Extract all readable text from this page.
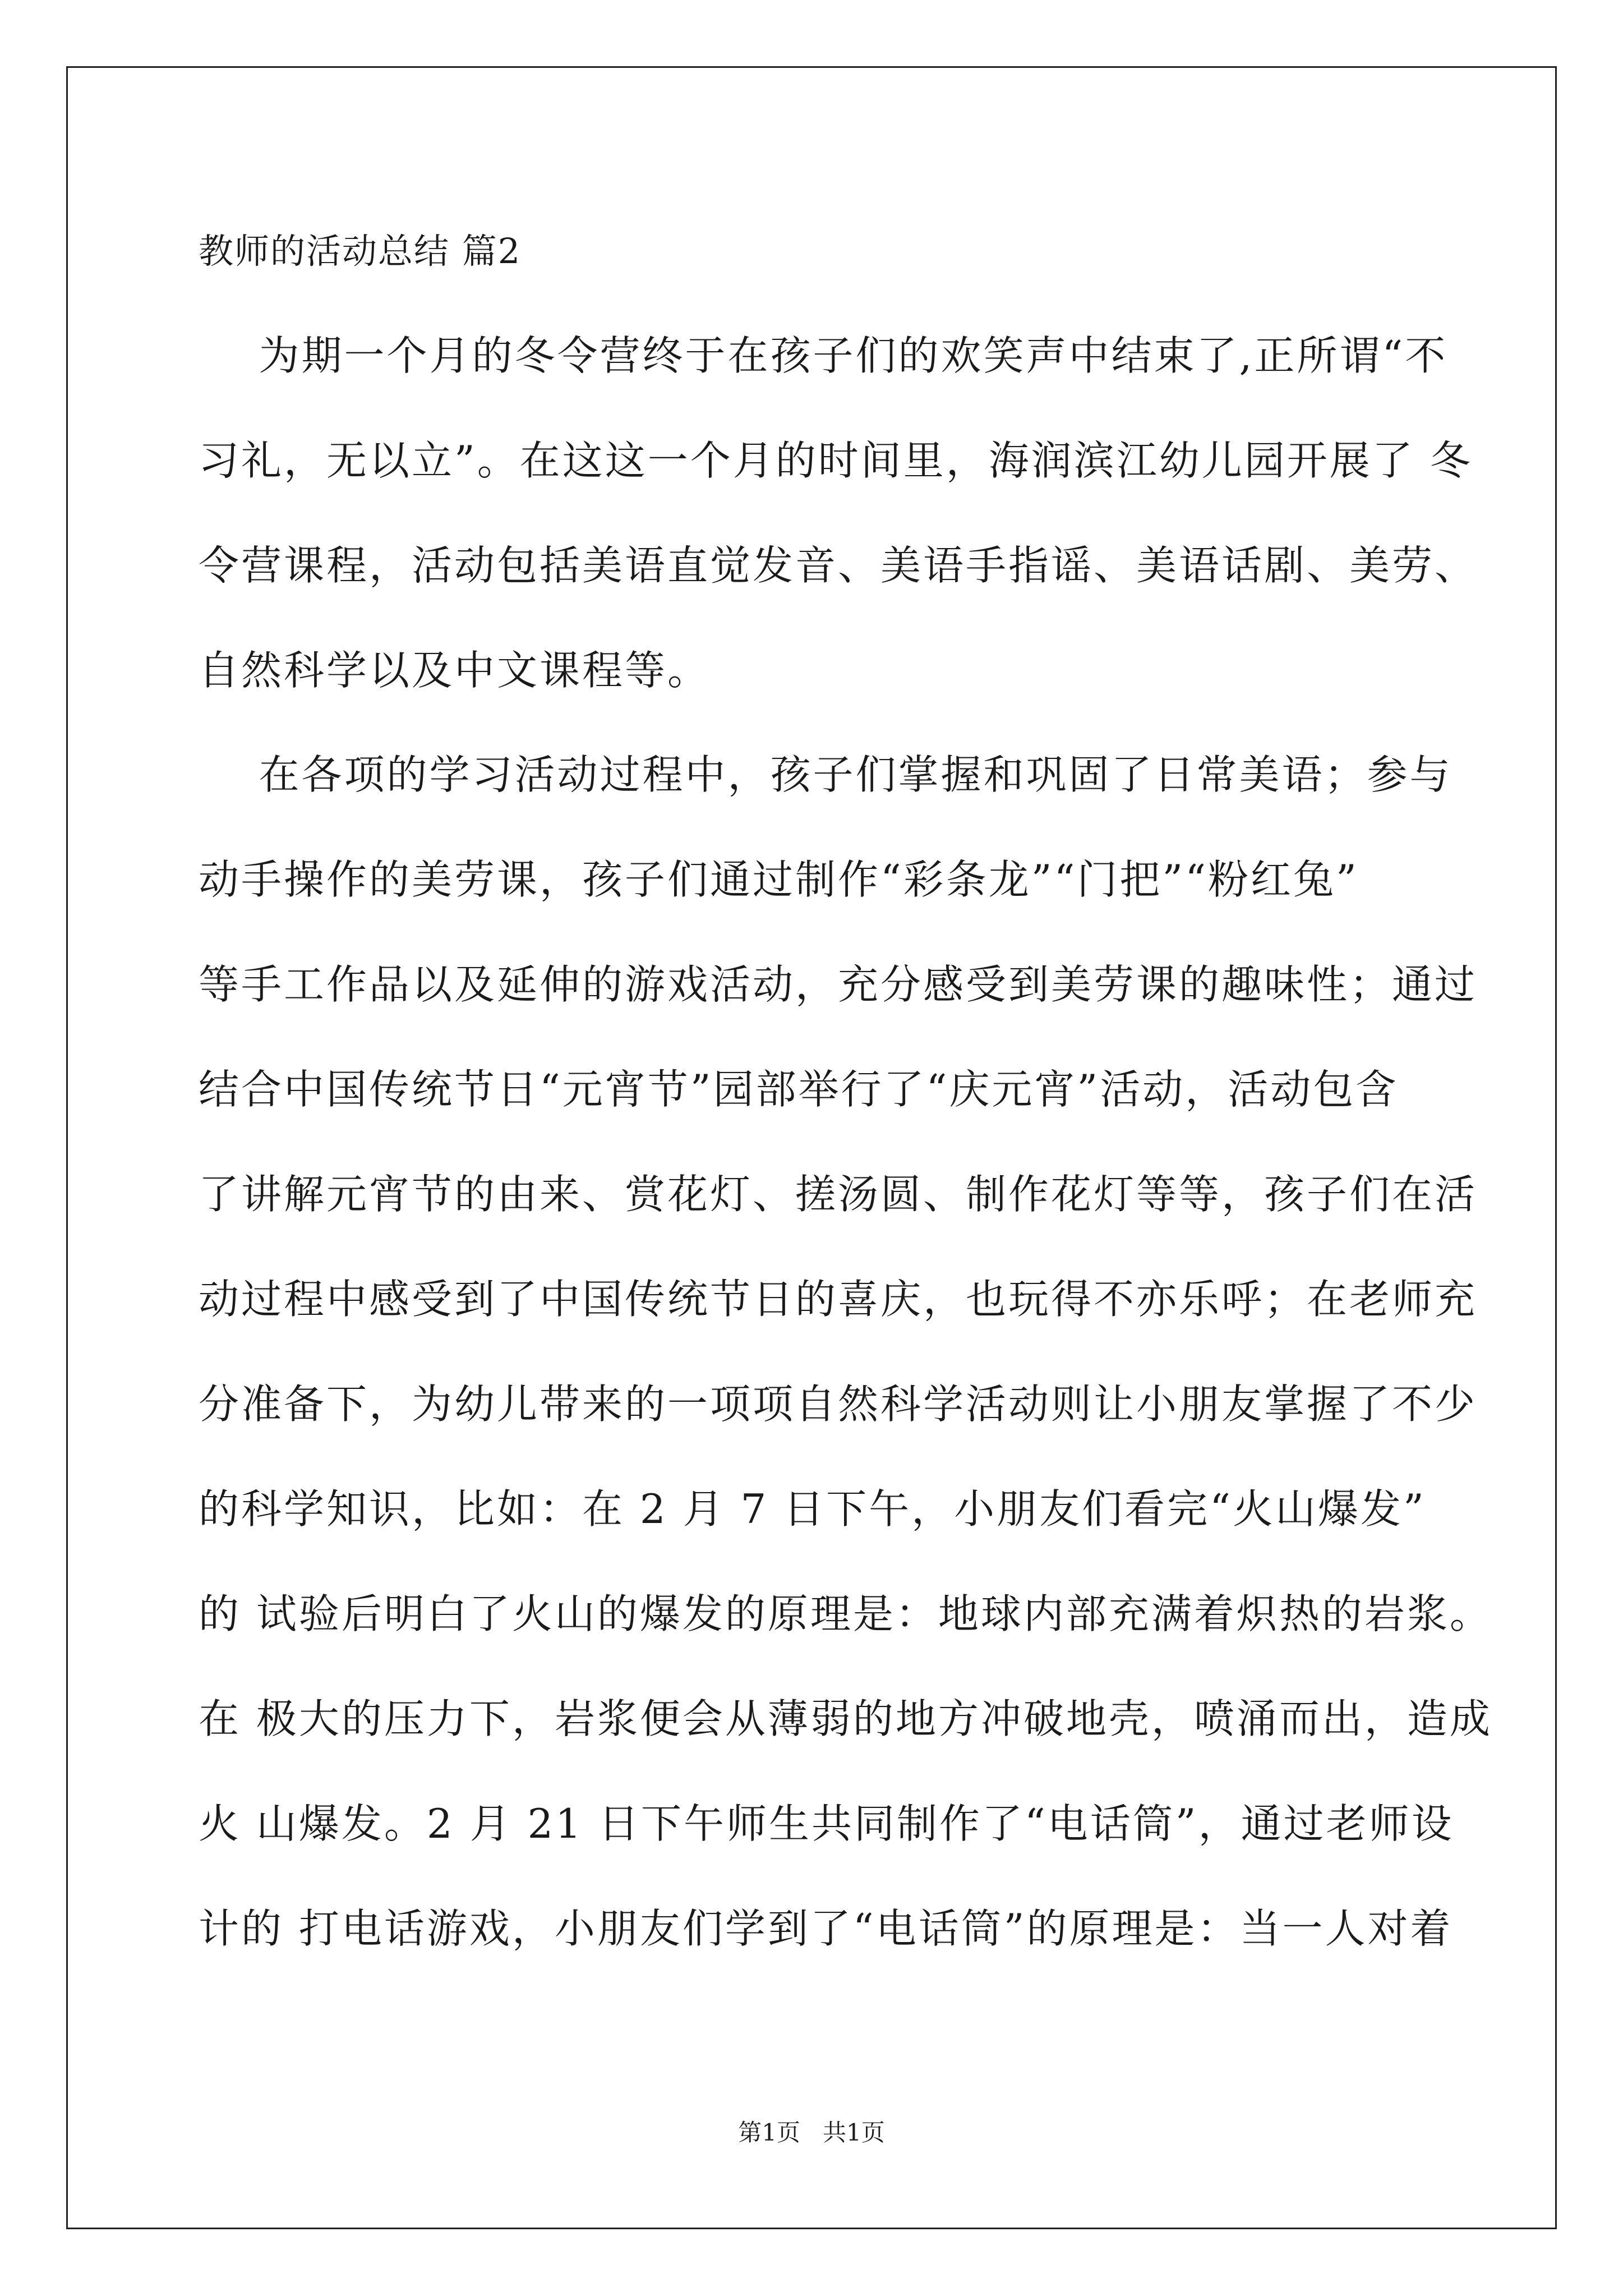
教师的活动总结 篇2
为期一个月的冬令营终于在孩子们的欢笑声中结束了,正所谓“不
习礼，无以立”。在这这一个月的时间里，海润滨江幼儿园开展了 冬
令营课程，活动包括美语直觉发音、美语手指谣、美语话剧、美劳、
自然科学以及中文课程等。
在各项的学习活动过程中，孩子们掌握和巩固了日常美语；参与
动手操作的美劳课，孩子们通过制作“彩条龙”“门把”“粉红兔”
等手工作品以及延伸的游戏活动，充分感受到美劳课的趣味性；通过
结合中国传统节日“元宵节”园部举行了“庆元宵”活动，活动包含
了讲解元宵节的由来、赏花灯、搓汤圆、制作花灯等等，孩子们在活
动过程中感受到了中国传统节日的喜庆，也玩得不亦乐呼；在老师充
分准备下，为幼儿带来的一项项自然科学活动则让小朋友掌握了不少
的科学知识，比如：在 2 月 7 日下午，小朋友们看完“火山爆发”
的 试验后明白了火山的爆发的原理是：地球内部充满着炽热的岩浆。
在 极大的压力下，岩浆便会从薄弱的地方冲破地壳，喷涌而出，造成
火 山爆发。2 月 21 日下午师生共同制作了“电话筒”，通过老师设
计的 打电话游戏，小朋友们学到了“电话筒”的原理是：当一人对着
第1页   共1页
